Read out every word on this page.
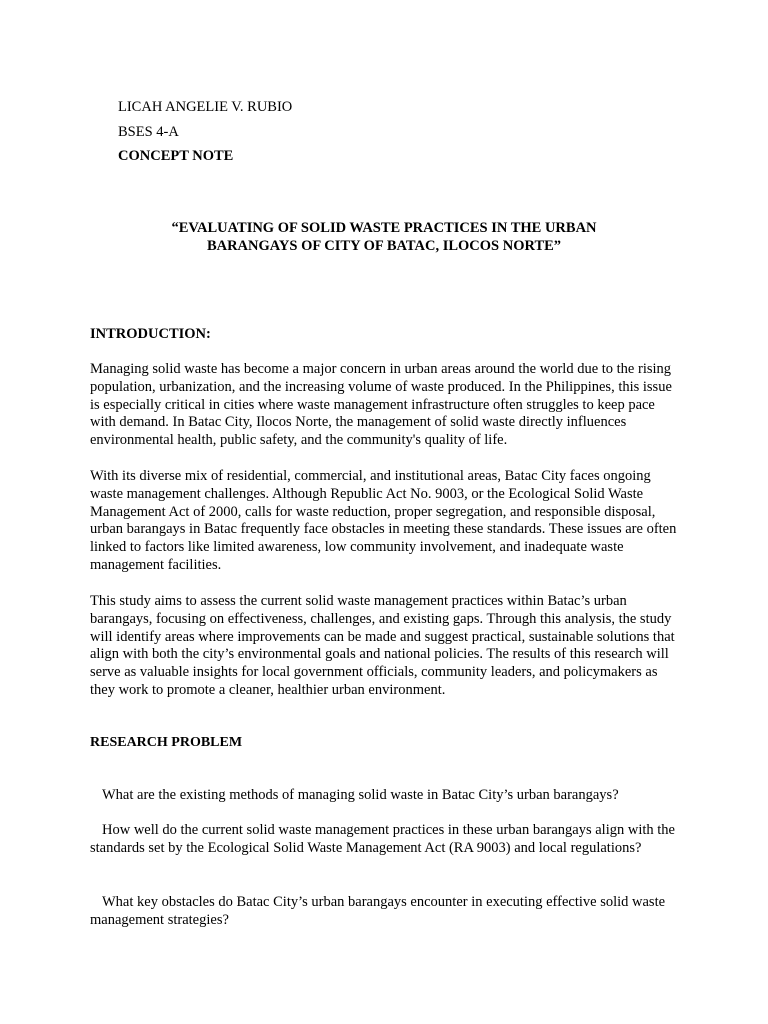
LICAH ANGELIE V. RUBIO

BSES 4-A

CONCEPT NOTE

“EVALUATING OF SOLID WASTE PRACTICES IN THE URBAN
BARANGAYS OF CITY OF BATAC, ILOCOS NORTE”

INTRODUCTION:

Managing solid waste has become a major concern in urban areas around the world due to the rising population, urbanization, and the increasing volume of waste produced. In the Philippines, this issue is especially critical in cities where waste management infrastructure often struggles to keep pace with demand. In Batac City, Ilocos Norte, the management of solid waste directly influences environmental health, public safety, and the community's quality of life.

With its diverse mix of residential, commercial, and institutional areas, Batac City faces ongoing waste management challenges. Although Republic Act No. 9003, or the Ecological Solid Waste Management Act of 2000, calls for waste reduction, proper segregation, and responsible disposal, urban barangays in Batac frequently face obstacles in meeting these standards. These issues are often linked to factors like limited awareness, low community involvement, and inadequate waste management facilities.

This study aims to assess the current solid waste management practices within Batac’s urban barangays, focusing on effectiveness, challenges, and existing gaps. Through this analysis, the study will identify areas where improvements can be made and suggest practical, sustainable solutions that align with both the city’s environmental goals and national policies. The results of this research will serve as valuable insights for local government officials, community leaders, and policymakers as they work to promote a cleaner, healthier urban environment.

RESEARCH PROBLEM

What are the existing methods of managing solid waste in Batac City’s urban barangays?

How well do the current solid waste management practices in these urban barangays align with the standards set by the Ecological Solid Waste Management Act (RA 9003) and local regulations?

What key obstacles do Batac City’s urban barangays encounter in executing effective solid waste management strategies?
